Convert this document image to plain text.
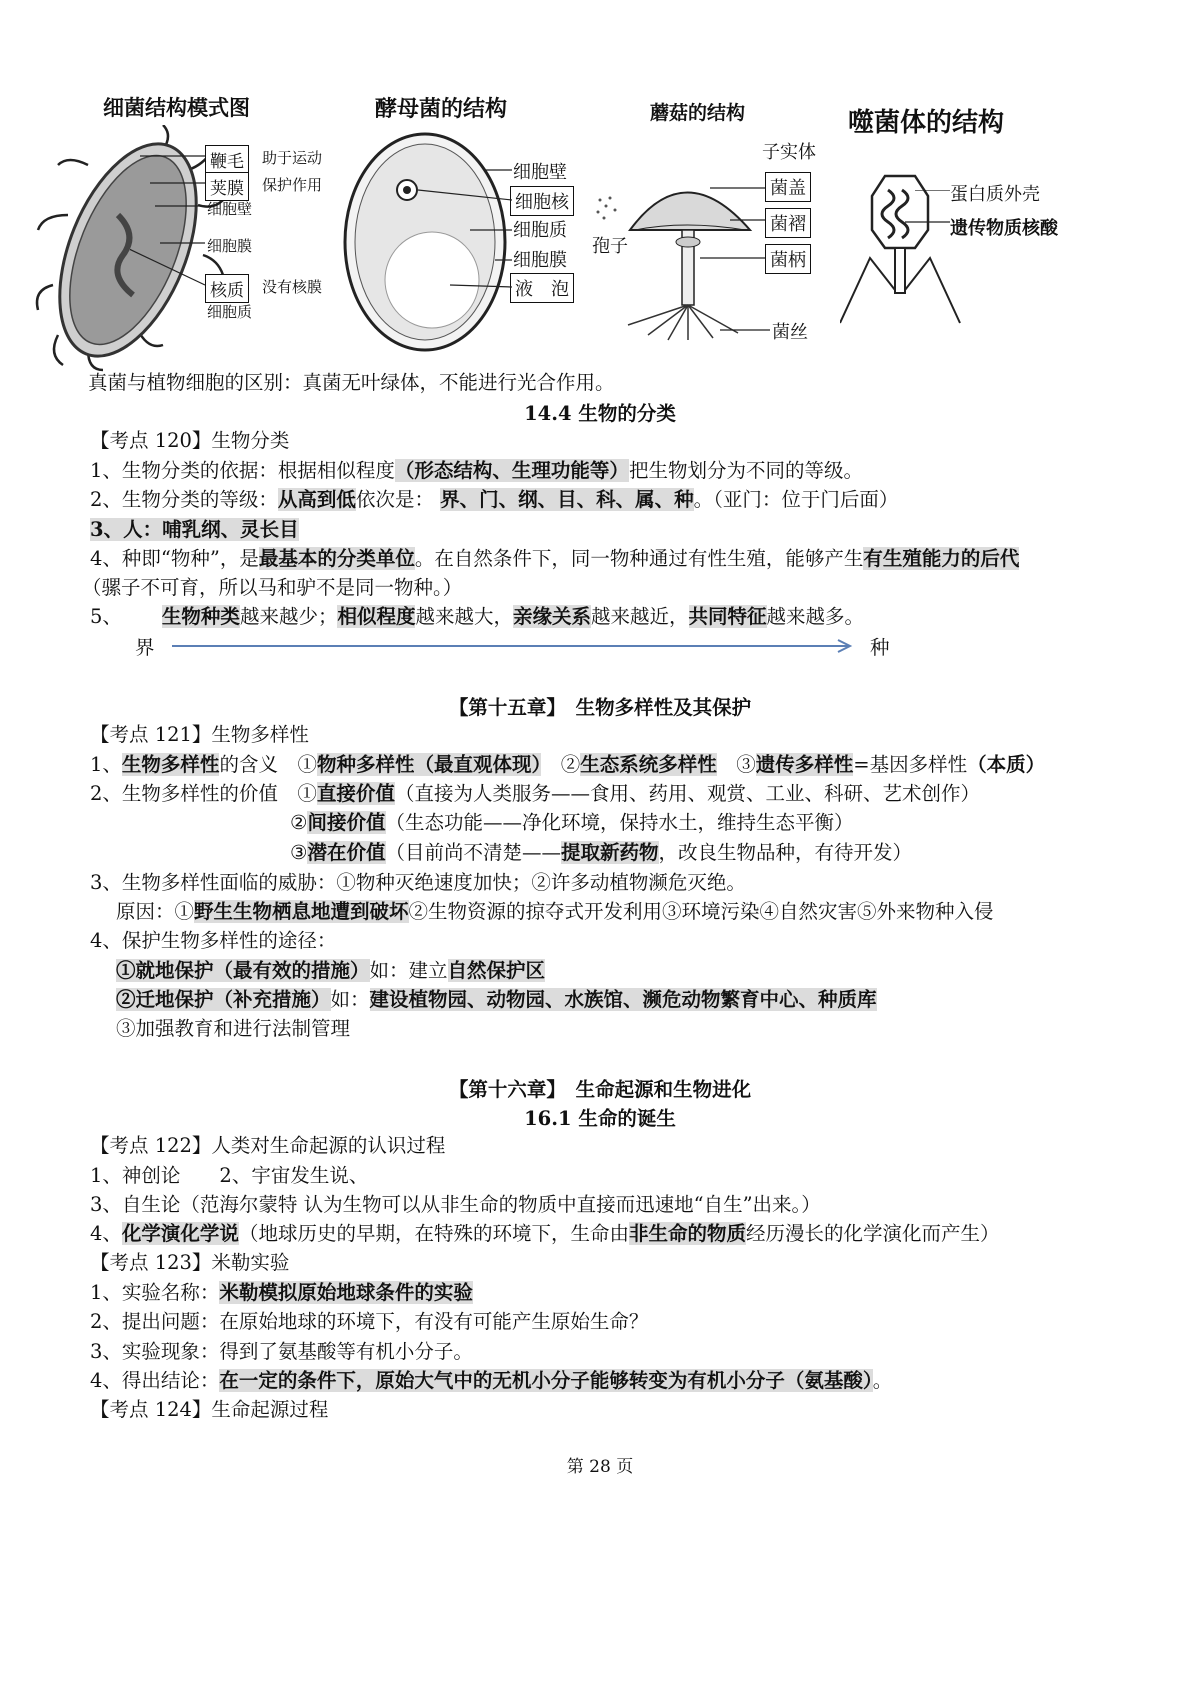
细菌结构模式图
鞭毛	助于运动
荚膜	保护作用
细胞壁
细胞膜
核质	没有核膜
细胞质
酵母菌的结构
细胞壁
细胞核
细胞质
细胞膜
液　泡
蘑菇的结构
子实体
菌盖
菌褶
菌柄
孢子
菌丝
噬菌体的结构
蛋白质外壳
遗传物质核酸
真菌与植物细胞的区别：真菌无叶绿体，不能进行光合作用。
14.4 生物的分类
【考点 120】生物分类
1、生物分类的依据：根据相似程度（形态结构、生理功能等）把生物划分为不同的等级。
2、生物分类的等级：从高到低依次是： 界、门、纲、目、科、属、种。（亚门：位于门后面）
3、人：哺乳纲、灵长目
4、种即“物种”，是最基本的分类单位。在自然条件下，同一物种通过有性生殖，能够产生有生殖能力的后代
（骡子不可育，所以马和驴不是同一物种。）
5、 生物种类越来越少；相似程度越来越大，亲缘关系越来越近，共同特征越来越多。
界	种
【第十五章】　生物多样性及其保护
【考点 121】生物多样性
1、生物多样性的含义　①物种多样性（最直观体现）　②生态系统多样性　③遗传多样性=基因多样性（本质）
2、生物多样性的价值　①直接价值（直接为人类服务——食用、药用、观赏、工业、科研、艺术创作）
②间接价值（生态功能——净化环境，保持水土，维持生态平衡）
③潜在价值（目前尚不清楚——提取新药物，改良生物品种，有待开发）
3、生物多样性面临的威胁：①物种灭绝速度加快；②许多动植物濒危灭绝。
原因：①野生生物栖息地遭到破坏②生物资源的掠夺式开发利用③环境污染④自然灾害⑤外来物种入侵
4、保护生物多样性的途径：
①就地保护（最有效的措施）如：建立自然保护区
②迁地保护（补充措施）如：建设植物园、动物园、水族馆、濒危动物繁育中心、种质库
③加强教育和进行法制管理
【第十六章】　生命起源和生物进化
16.1 生命的诞生
【考点 122】人类对生命起源的认识过程
1、神创论　　2、宇宙发生说、
3、自生论（范海尔蒙特 认为生物可以从非生命的物质中直接而迅速地“自生”出来。）
4、化学演化学说（地球历史的早期，在特殊的环境下，生命由非生命的物质经历漫长的化学演化而产生）
【考点 123】米勒实验
1、实验名称：米勒模拟原始地球条件的实验
2、提出问题：在原始地球的环境下，有没有可能产生原始生命？
3、实验现象：得到了氨基酸等有机小分子。
4、得出结论：在一定的条件下，原始大气中的无机小分子能够转变为有机小分子（氨基酸）。
【考点 124】生命起源过程
第 28 页
